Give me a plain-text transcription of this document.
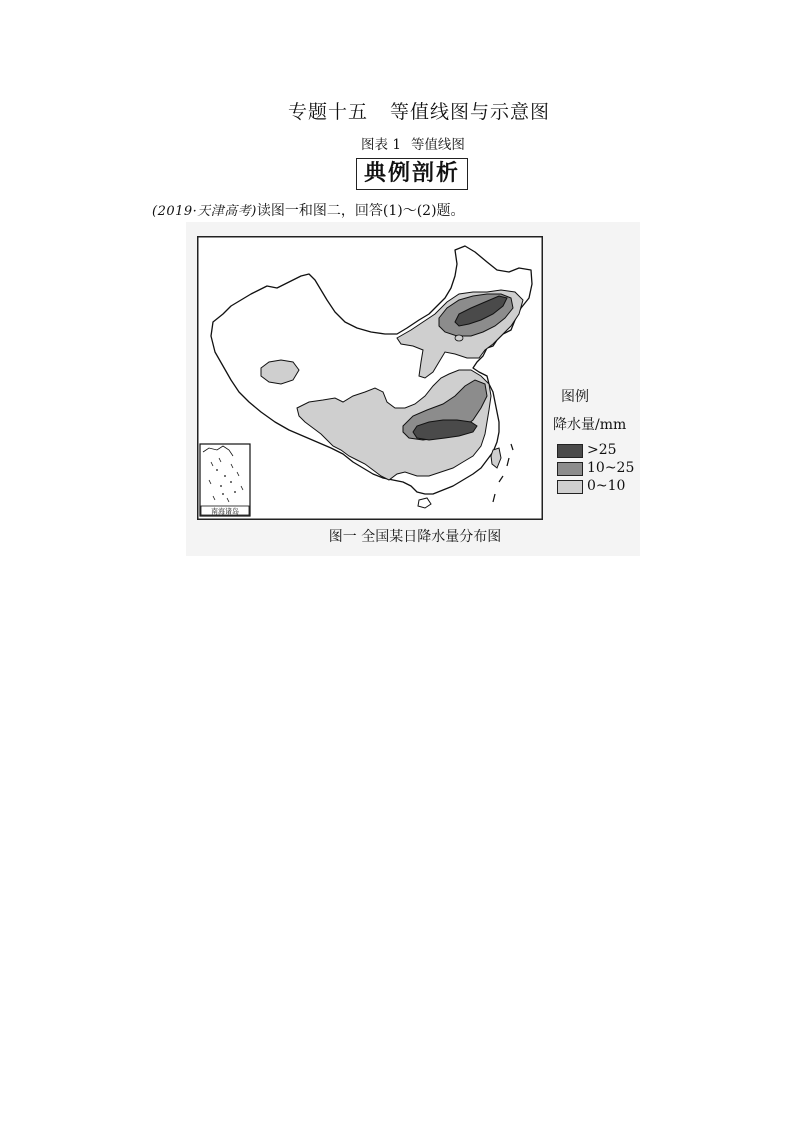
专题十五 等值线图与示意图
图表 1 等值线图
典例剖析
(2019·天津高考)读图一和图二，回答(1)～(2)题。
南海诸岛
图例
降水量/mm
>25
10~25
0~10
图一 全国某日降水量分布图
